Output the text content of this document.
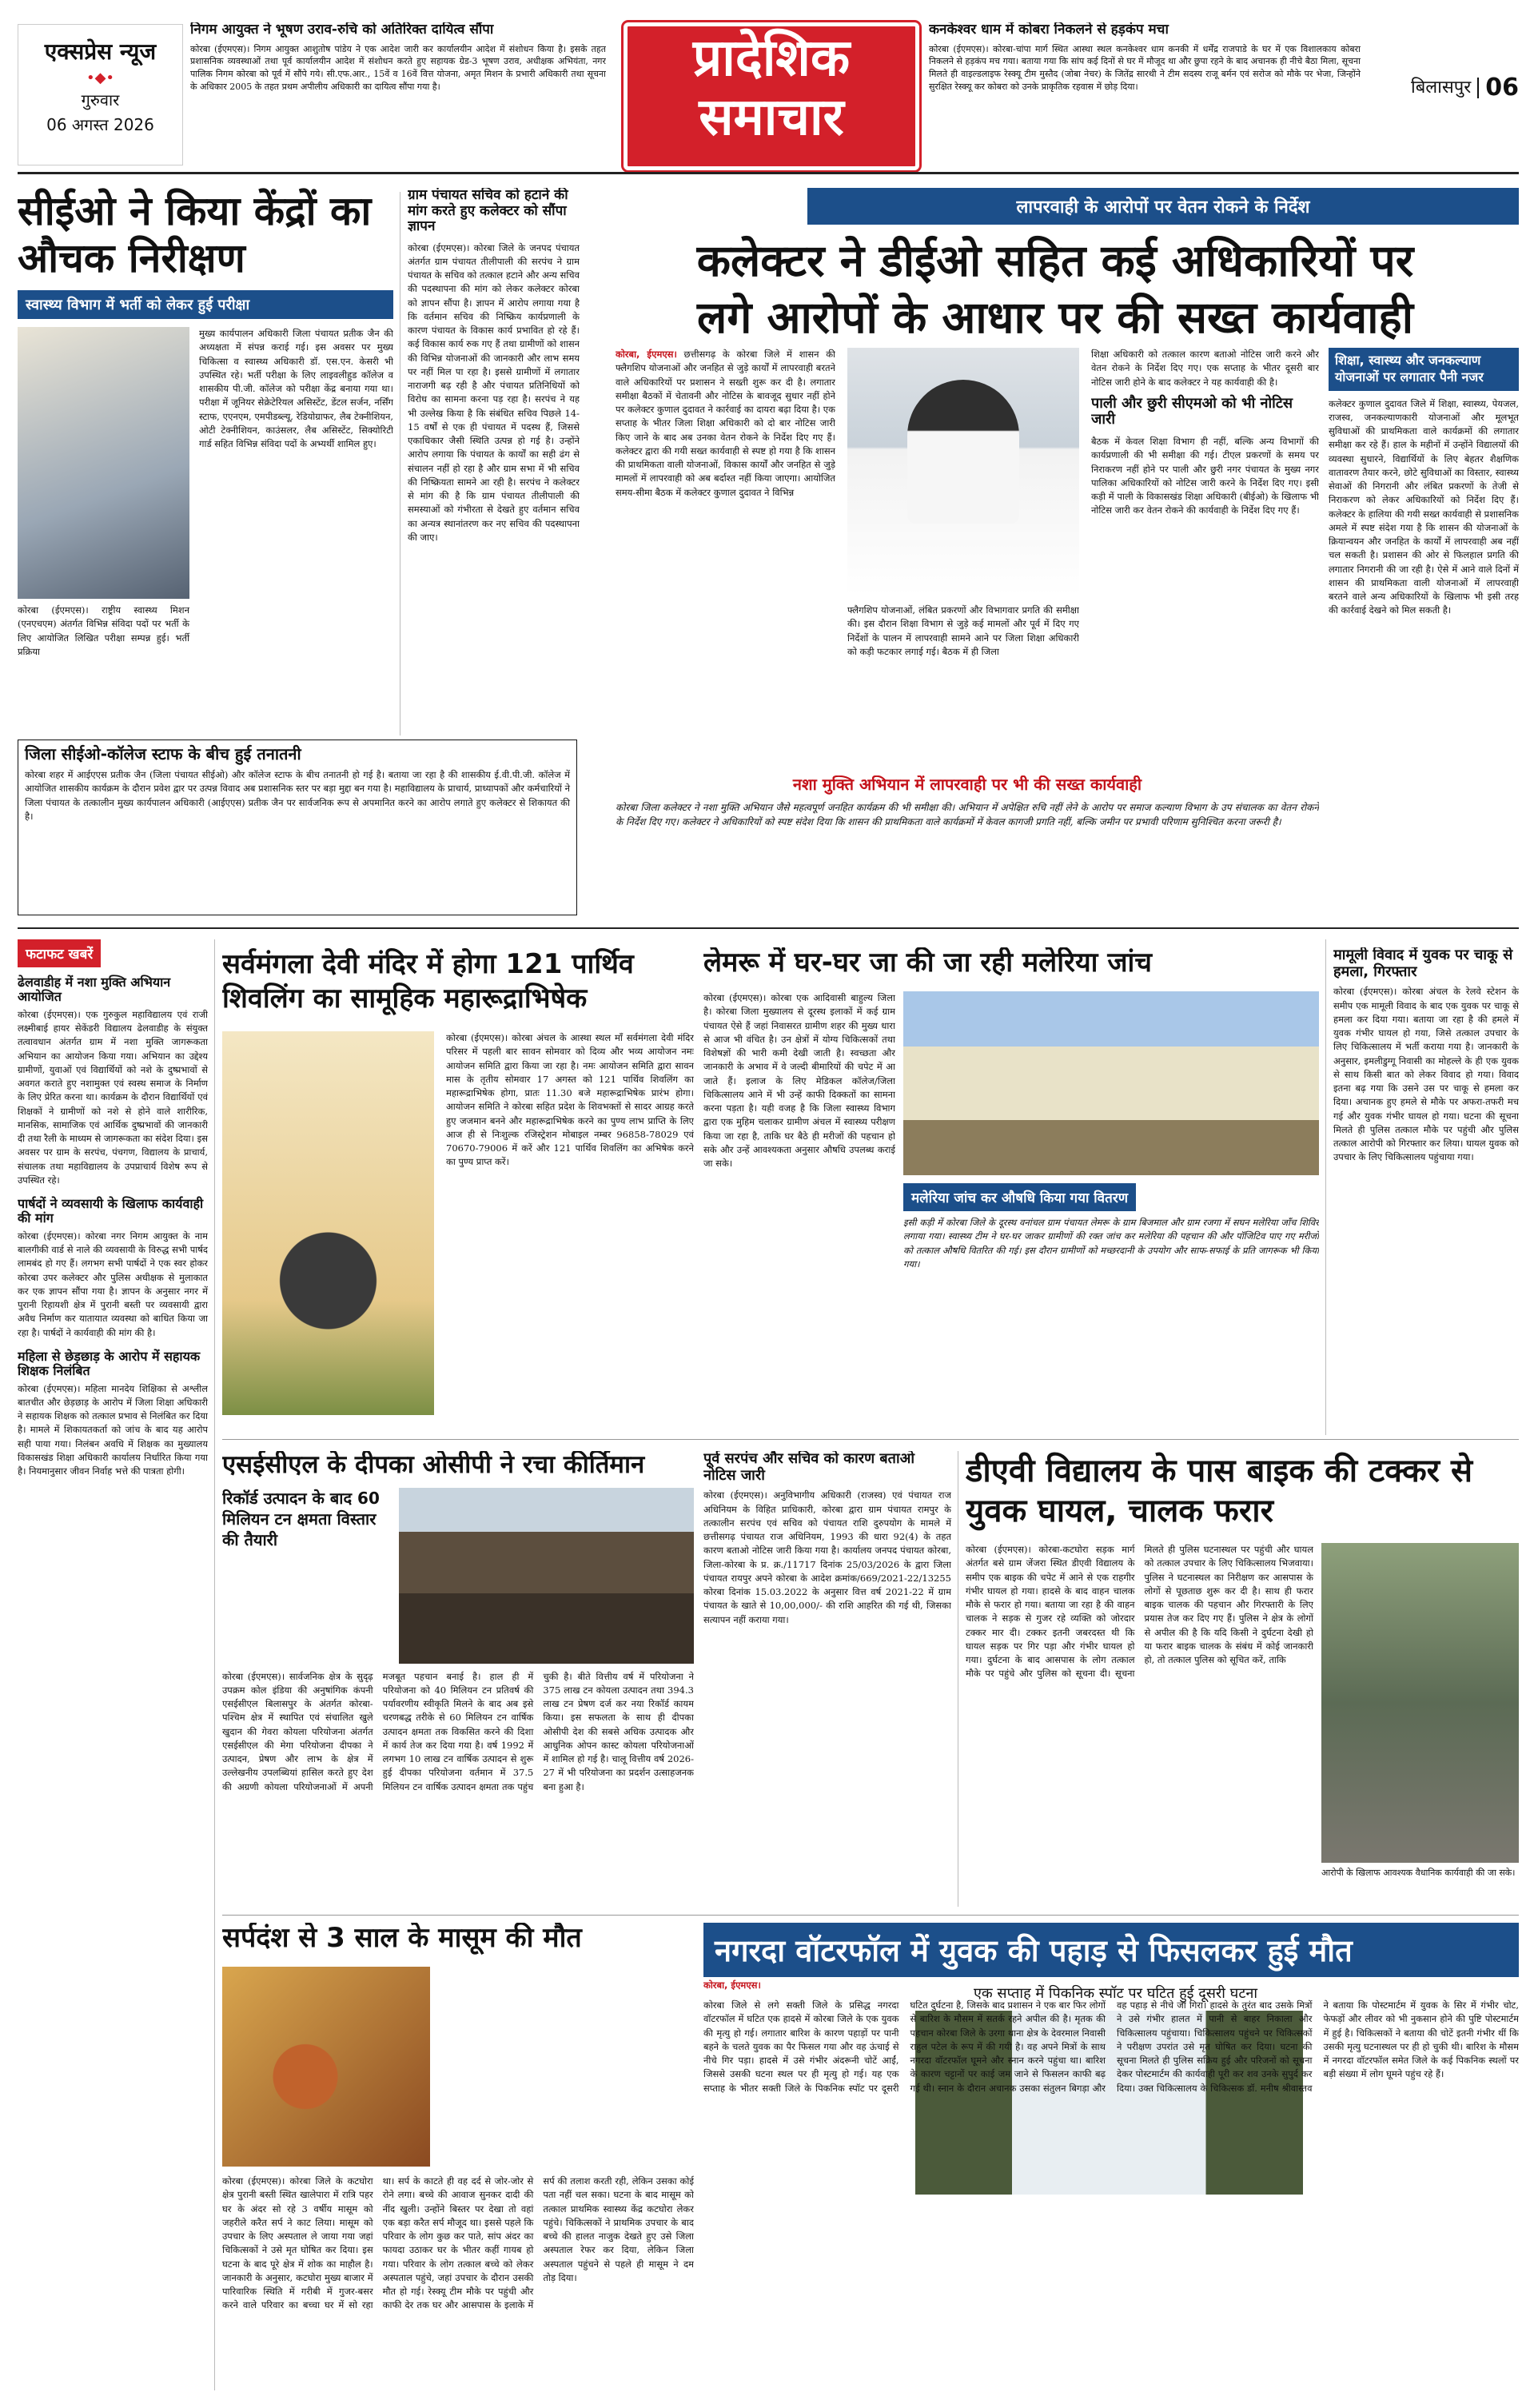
एक्सप्रेस न्यूज
•◆•
गुरुवार
06 अगस्त 2026
निगम आयुक्त ने भूषण उराव-रुचि को अतिरिक्त दायित्व सौंपा
कोरबा (ईएमएस)। निगम आयुक्त आशुतोष पांडेय ने एक आदेश जारी कर कार्यालयीन आदेश में संशोधन किया है। इसके तहत प्रशासनिक व्यवस्थाओं तथा पूर्व कार्यालयीन आदेश में संशोधन करते हुए सहायक ग्रेड-3 भूषण उराव, अधीक्षक अभियंता, नगर पालिक निगम कोरबा को पूर्व में सौंपे गये। सी.एफ.आर., 15वें व 16वें वित्त योजना, अमृत मिशन के प्रभारी अधिकारी तथा सूचना के अधिकार 2005 के तहत प्रथम अपीलीय अधिकारी का दायित्व सौंपा गया है।	प्रादेशिक
समाचार
कनकेश्वर धाम में कोबरा निकलने से हड़कंप मचा
कोरबा (ईएमएस)। कोरबा-चांपा मार्ग स्थित आस्था स्थल कनकेश्वर धाम कनकी में धर्मेंद्र राजपाडे के घर में एक विशालकाय कोबरा निकलने से हड़कंप मच गया। बताया गया कि सांप कई दिनों से घर में मौजूद था और छुपा रहने के बाद अचानक ही नीचे बैठा मिला, सूचना मिलते ही वाइल्डलाइफ रेस्क्यू टीम मुस्तैद (जोबा नेचर) के जितेंद्र सारथी ने टीम सदस्य राजू बर्मन एवं सरोज को मौके पर भेजा, जिन्होंने सुरक्षित रेस्क्यू कर कोबरा को उनके प्राकृतिक रहवास में छोड़ दिया।	बिलासपुर 06
सीईओ ने किया केंद्रों का औचक निरीक्षण
स्वास्थ्य विभाग में भर्ती को लेकर हुई परीक्षा
कोरबा (ईएमएस)। राष्ट्रीय स्वास्थ्य मिशन (एनएचएम) अंतर्गत विभिन्न संविदा पदों पर भर्ती के लिए आयोजित लिखित परीक्षा सम्पन्न हुई। भर्ती प्रक्रिया
मुख्य कार्यपालन अधिकारी जिला पंचायत प्रतीक जैन की अध्यक्षता में संपन्न कराई गई। इस अवसर पर मुख्य चिकित्सा व स्वास्थ्य अधिकारी डॉ. एस.एन. केसरी भी उपस्थित रहे। भर्ती परीक्षा के लिए लाइवलीहुड कॉलेज व शासकीय पी.जी. कॉलेज को परीक्षा केंद्र बनाया गया था। परीक्षा में जूनियर सेक्रेटेरियल असिस्टेंट, डेंटल सर्जन, नर्सिंग स्टाफ, एएनएम, एमपीडब्ल्यू, रेडियोग्राफर, लैब टेक्नीशियन, ओटी टेक्नीशियन, काउंसलर, लैब असिस्टेंट, सिक्योरिटी गार्ड सहित विभिन्न संविदा पदों के अभ्यर्थी शामिल हुए।
ग्राम पंचायत सचिव को हटाने की मांग करते हुए कलेक्टर को सौंपा ज्ञापन
कोरबा (ईएमएस)। कोरबा जिले के जनपद पंचायत अंतर्गत ग्राम पंचायत तीलीपाली की सरपंच ने ग्राम पंचायत के सचिव को तत्काल हटाने और अन्य सचिव की पदस्थापना की मांग को लेकर कलेक्टर कोरबा को ज्ञापन सौंपा है। ज्ञापन में आरोप लगाया गया है कि वर्तमान सचिव की निष्क्रिय कार्यप्रणाली के कारण पंचायत के विकास कार्य प्रभावित हो रहे हैं। कई विकास कार्य रुक गए हैं तथा ग्रामीणों को शासन की विभिन्न योजनाओं की जानकारी और लाभ समय पर नहीं मिल पा रहा है। इससे ग्रामीणों में लगातार नाराजगी बढ़ रही है और पंचायत प्रतिनिधियों को विरोध का सामना करना पड़ रहा है। सरपंच ने यह भी उल्लेख किया है कि संबंधित सचिव पिछले 14-15 वर्षों से एक ही पंचायत में पदस्थ हैं, जिससे एकाधिकार जैसी स्थिति उत्पन्न हो गई है। उन्होंने आरोप लगाया कि पंचायत के कार्यों का सही ढंग से संचालन नहीं हो रहा है और ग्राम सभा में भी सचिव की निष्क्रियता सामने आ रही है। सरपंच ने कलेक्टर से मांग की है कि ग्राम पंचायत तीलीपाली की समस्याओं को गंभीरता से देखते हुए वर्तमान सचिव का अन्यत्र स्थानांतरण कर नए सचिव की पदस्थापना की जाए।
जिला सीईओ-कॉलेज स्टाफ के बीच हुई तनातनी
कोरबा शहर में आईएएस प्रतीक जैन (जिला पंचायत सीईओ) और कॉलेज स्टाफ के बीच तनातनी हो गई है। बताया जा रहा है की शासकीय ई.वी.पी.जी. कॉलेज में आयोजित शासकीय कार्यक्रम के दौरान प्रवेश द्वार पर उत्पन्न विवाद अब प्रशासनिक स्तर पर बड़ा मुद्दा बन गया है। महाविद्यालय के प्राचार्य, प्राध्यापकों और कर्मचारियों ने जिला पंचायत के तत्कालीन मुख्य कार्यपालन अधिकारी (आईएएस) प्रतीक जैन पर सार्वजनिक रूप से अपमानित करने का आरोप लगाते हुए कलेक्टर से शिकायत की है।
लापरवाही के आरोपों पर वेतन रोकने के निर्देश
कलेक्टर ने डीईओ सहित कई अधिकारियों पर
लगे आरोपों के आधार पर की सख्त कार्यवाही
कोरबा, ईएमएस। छत्तीसगढ़ के कोरबा जिले में शासन की फ्लैगशिप योजनाओं और जनहित से जुड़े कार्यों में लापरवाही बरतने वाले अधिकारियों पर प्रशासन ने सख्ती शुरू कर दी है। लगातार समीक्षा बैठकों में चेतावनी और नोटिस के बावजूद सुधार नहीं होने पर कलेक्टर कुणाल दुदावत ने कार्रवाई का दायरा बढ़ा दिया है। एक सप्ताह के भीतर जिला शिक्षा अधिकारी को दो बार नोटिस जारी किए जाने के बाद अब उनका वेतन रोकने के निर्देश दिए गए हैं। कलेक्टर द्वारा की गयी सख्त कार्यवाही से स्पष्ट हो गया है कि शासन की प्राथमिकता वाली योजनाओं, विकास कार्यों और जनहित से जुड़े मामलों में लापरवाही को अब बर्दाश्त नहीं किया जाएगा। आयोजित समय-सीमा बैठक में कलेक्टर कुणाल दुदावत ने विभिन्न
फ्लैगशिप योजनाओं, लंबित प्रकरणों और विभागवार प्रगति की समीक्षा की। इस दौरान शिक्षा विभाग से जुड़े कई मामलों और पूर्व में दिए गए निर्देशों के पालन में लापरवाही सामने आने पर जिला शिक्षा अधिकारी को कड़ी फटकार लगाई गई। बैठक में ही जिला
शिक्षा अधिकारी को तत्काल कारण बताओ नोटिस जारी करने और वेतन रोकने के निर्देश दिए गए। एक सप्ताह के भीतर दूसरी बार नोटिस जारी होने के बाद कलेक्टर ने यह कार्यवाही की है।
पाली और छुरी सीएमओ को भी नोटिस जारी
बैठक में केवल शिक्षा विभाग ही नहीं, बल्कि अन्य विभागों की कार्यप्रणाली की भी समीक्षा की गई। टीएल प्रकरणों के समय पर निराकरण नहीं होने पर पाली और छुरी नगर पंचायत के मुख्य नगर पालिका अधिकारियों को नोटिस जारी करने के निर्देश दिए गए। इसी कड़ी में पाली के विकासखंड शिक्षा अधिकारी (बीईओ) के खिलाफ भी नोटिस जारी कर वेतन रोकने की कार्यवाही के निर्देश दिए गए हैं।
शिक्षा, स्वास्थ्य और जनकल्याण योजनाओं पर लगातार पैनी नजर
कलेक्टर कुणाल दुदावत जिले में शिक्षा, स्वास्थ्य, पेयजल, राजस्व, जनकल्याणकारी योजनाओं और मूलभूत सुविधाओं की प्राथमिकता वाले कार्यक्रमों की लगातार समीक्षा कर रहे हैं। हाल के महीनों में उन्होंने विद्यालयों की व्यवस्था सुधारने, विद्यार्थियों के लिए बेहतर शैक्षणिक वातावरण तैयार करने, छोटे सुविधाओं का विस्तार, स्वास्थ्य सेवाओं की निगरानी और लंबित प्रकरणों के तेजी से निराकरण को लेकर अधिकारियों को निर्देश दिए हैं। कलेक्टर के हालिया की गयी सख्त कार्यवाही से प्रशासनिक अमले में स्पष्ट संदेश गया है कि शासन की योजनाओं के क्रियान्वयन और जनहित के कार्यों में लापरवाही अब नहीं चल सकती है। प्रशासन की ओर से फिलहाल प्रगति की लगातार निगरानी की जा रही है। ऐसे में आने वाले दिनों में शासन की प्राथमिकता वाली योजनाओं में लापरवाही बरतने वाले अन्य अधिकारियों के खिलाफ भी इसी तरह की कार्रवाई देखने को मिल सकती है।
नशा मुक्ति अभियान में लापरवाही पर भी की सख्त कार्यवाही
कोरबा जिला कलेक्टर ने नशा मुक्ति अभियान जैसे महत्वपूर्ण जनहित कार्यक्रम की भी समीक्षा की। अभियान में अपेक्षित रुचि नहीं लेने के आरोप पर समाज कल्याण विभाग के उप संचालक का वेतन रोकने के निर्देश दिए गए। कलेक्टर ने अधिकारियों को स्पष्ट संदेश दिया कि शासन की प्राथमिकता वाले कार्यक्रमों में केवल कागजी प्रगति नहीं, बल्कि जमीन पर प्रभावी परिणाम सुनिश्चित करना जरूरी है।
फटाफट खबरें
ढेलवाडीह में नशा मुक्ति अभियान आयोजित
कोरबा (ईएमएस)। एक गुरुकुल महाविद्यालय एवं राजी लक्ष्मीबाई हायर सेकेंडरी विद्यालय ढेलवाडीह के संयुक्त तत्वावधान अंतर्गत ग्राम में नशा मुक्ति जागरूकता अभियान का आयोजन किया गया। अभियान का उद्देश्य ग्रामीणों, युवाओं एवं विद्यार्थियों को नशे के दुष्प्रभावों से अवगत कराते हुए नशामुक्त एवं स्वस्थ समाज के निर्माण के लिए प्रेरित करना था। कार्यक्रम के दौरान विद्यार्थियों एवं शिक्षकों ने ग्रामीणों को नशे से होने वाले शारीरिक, मानसिक, सामाजिक एवं आर्थिक दुष्प्रभावों की जानकारी दी तथा रैली के माध्यम से जागरूकता का संदेश दिया। इस अवसर पर ग्राम के सरपंच, पंचगण, विद्यालय के प्राचार्य, संचालक तथा महाविद्यालय के उपप्राचार्य विशेष रूप से उपस्थित रहे।
पार्षदों ने व्यवसायी के खिलाफ कार्यवाही की मांग
कोरबा (ईएमएस)। कोरबा नगर निगम आयुक्त के नाम बालगीकी वार्ड से नाले की व्यवसायी के विरुद्ध सभी पार्षद लामबंद हो गए हैं। लगभग सभी पार्षदों ने एक स्वर होकर कोरबा उपर कलेक्टर और पुलिस अधीक्षक से मुलाकात कर एक ज्ञापन सौंपा गया है। ज्ञापन के अनुसार नगर में पुरानी रिहायशी क्षेत्र में पुरानी बस्ती पर व्यवसायी द्वारा अवैध निर्माण कर यातायात व्यवस्था को बाधित किया जा रहा है। पार्षदों ने कार्यवाही की मांग की है।
महिला से छेड़छाड़ के आरोप में सहायक शिक्षक निलंबित
कोरबा (ईएमएस)। महिला मानदेय शिक्षिका से अश्लील बातचीत और छेड़छाड़ के आरोप में जिला शिक्षा अधिकारी ने सहायक शिक्षक को तत्काल प्रभाव से निलंबित कर दिया है। मामले में शिकायतकर्ता को जांच के बाद यह आरोप सही पाया गया। निलंबन अवधि में शिक्षक का मुख्यालय विकासखंड शिक्षा अधिकारी कार्यालय निर्धारित किया गया है। नियमानुसार जीवन निर्वाह भत्ते की पात्रता होगी।
सर्वमंगला देवी मंदिर में होगा 121 पार्थिव शिवलिंग का सामूहिक महारूद्राभिषेक
कोरबा (ईएमएस)। कोरबा अंचल के आस्था स्थल माँ सर्वमंगला देवी मंदिर परिसर में पहली बार सावन सोमवार को दिव्य और भव्य आयोजन नमः आयोजन समिति द्वारा किया जा रहा है। नमः आयोजन समिति द्वारा सावन मास के तृतीय सोमवार 17 अगस्त को 121 पार्थिव शिवलिंग का महारूद्राभिषेक होगा, प्रातः 11.30 बजे महारूद्राभिषेक प्रारंभ होगा। आयोजन समिति ने कोरबा सहित प्रदेश के शिवभक्तों से सादर आग्रह करते हुए जजमान बनने और महारूद्राभिषेक करने का पुण्य लाभ प्राप्ति के लिए आज ही से निःशुल्क रजिस्ट्रेशन मोबाइल नम्बर 96858-78029 एवं 70670-79006 में करें और 121 पार्थिव शिवलिंग का अभिषेक करने का पुण्य प्राप्त करें।
लेमरू में घर-घर जा की जा रही मलेरिया जांच
कोरबा (ईएमएस)। कोरबा एक आदिवासी बाहुल्य जिला है। कोरबा जिला मुख्यालय से दूरस्थ इलाकों में कई ग्राम पंचायत ऐसे हैं जहां निवासरत ग्रामीण शहर की मुख्य धारा से आज भी वंचित है। उन क्षेत्रों में योग्य चिकित्सकों तथा विशेषज्ञों की भारी कमी देखी जाती है। स्वच्छता और जानकारी के अभाव में वे जल्दी बीमारियों की चपेट में आ जाते हैं। इलाज के लिए मेडिकल कॉलेज/जिला चिकित्सालय आने में भी उन्हें काफी दिक्कतों का सामना करना पड़ता है। यही वजह है कि जिला स्वास्थ्य विभाग द्वारा एक मुहिम चलाकर ग्रामीण अंचल में स्वास्थ्य परीक्षण किया जा रहा है, ताकि घर बैठे ही मरीजों की पहचान हो सके और उन्हें आवश्यकता अनुसार औषधि उपलब्ध कराई जा सके।
मलेरिया जांच कर औषधि किया गया वितरण
इसी कड़ी में कोरबा जिले के दूरस्थ वनांचल ग्राम पंचायत लेमरू के ग्राम बिजमाल और ग्राम रजगा में सघन मलेरिया जाँच शिविर लगाया गया। स्वास्थ्य टीम ने घर-घर जाकर ग्रामीणों की रक्त जांच कर मलेरिया की पहचान की और पॉजिटिव पाए गए मरीजों को तत्काल औषधि वितरित की गई। इस दौरान ग्रामीणों को मच्छरदानी के उपयोग और साफ-सफाई के प्रति जागरूक भी किया गया।
मामूली विवाद में युवक पर चाकू से हमला, गिरफ्तार
कोरबा (ईएमएस)। कोरबा अंचल के रेलवे स्टेशन के समीप एक मामूली विवाद के बाद एक युवक पर चाकू से हमला कर दिया गया। बताया जा रहा है की हमले में युवक गंभीर घायल हो गया, जिसे तत्काल उपचार के लिए चिकित्सालय में भर्ती कराया गया है। जानकारी के अनुसार, इमलीडुग्गू निवासी का मोहल्ले के ही एक युवक से साथ किसी बात को लेकर विवाद हो गया। विवाद इतना बढ़ गया कि उसने उस पर चाकू से हमला कर दिया। अचानक हुए हमले से मौके पर अफरा-तफरी मच गई और युवक गंभीर घायल हो गया। घटना की सूचना मिलते ही पुलिस तत्काल मौके पर पहुंची और पुलिस तत्काल आरोपी को गिरफ्तार कर लिया। घायल युवक को उपचार के लिए चिकित्सालय पहुंचाया गया।
एसईसीएल के दीपका ओसीपी ने रचा कीर्तिमान
रिकॉर्ड उत्पादन के बाद 60 मिलियन टन क्षमता विस्तार की तैयारी
कोरबा (ईएमएस)। सार्वजनिक क्षेत्र के सुदृढ़ उपक्रम कोल इंडिया की अनुषांगिक कंपनी एसईसीएल बिलासपुर के अंतर्गत कोरबा-पश्चिम क्षेत्र में स्थापित एवं संचालित खुले खुदान की गेवरा कोयला परियोजना अंतर्गत एसईसीएल की मेगा परियोजना दीपका ने उत्पादन, प्रेषण और लाभ के क्षेत्र में उल्लेखनीय उपलब्धियां हासिल करते हुए देश की अग्रणी कोयला परियोजनाओं में अपनी मजबूत पहचान बनाई है। हाल ही में परियोजना को 40 मिलियन टन प्रतिवर्ष की पर्यावरणीय स्वीकृति मिलने के बाद अब इसे चरणबद्ध तरीके से 60 मिलियन टन वार्षिक उत्पादन क्षमता तक विकसित करने की दिशा में कार्य तेज कर दिया गया है। वर्ष 1992 में लगभग 10 लाख टन वार्षिक उत्पादन से शुरू हुई दीपका परियोजना वर्तमान में 37.5 मिलियन टन वार्षिक उत्पादन क्षमता तक पहुंच चुकी है। बीते वित्तीय वर्ष में परियोजना ने 375 लाख टन कोयला उत्पादन तथा 394.3 लाख टन प्रेषण दर्ज कर नया रिकॉर्ड कायम किया। इस सफलता के साथ ही दीपका ओसीपी देश की सबसे अधिक उत्पादक और आधुनिक ओपन कास्ट कोयला परियोजनाओं में शामिल हो गई है। चालू वित्तीय वर्ष 2026-27 में भी परियोजना का प्रदर्शन उत्साहजनक बना हुआ है।
पूर्व सरपंच और सचिव को कारण बताओ नोटिस जारी
कोरबा (ईएमएस)। अनुविभागीय अधिकारी (राजस्व) एवं पंचायत राज अधिनियम के विहित प्राधिकारी, कोरबा द्वारा ग्राम पंचायत रामपुर के तत्कालीन सरपंच एवं सचिव को पंचायत राशि दुरुपयोग के मामले में छत्तीसगढ़ पंचायत राज अधिनियम, 1993 की धारा 92(4) के तहत कारण बताओ नोटिस जारी किया गया है। कार्यालय जनपद पंचायत कोरबा, जिला-कोरबा के प्र. क्र./11717 दिनांक 25/03/2026 के द्वारा जिला पंचायत रायपुर अपने कोरबा के आदेश क्रमांक/669/2021-22/13255 कोरबा दिनांक 15.03.2022 के अनुसार वित्त वर्ष 2021-22 में ग्राम पंचायत के खाते से 10,00,000/- की राशि आहरित की गई थी, जिसका सत्यापन नहीं कराया गया।
डीएवी विद्यालय के पास बाइक की टक्कर से युवक घायल, चालक फरार
कोरबा (ईएमएस)। कोरबा-कटघोरा सड़क मार्ग अंतर्गत बसे ग्राम जेंजरा स्थित डीएवी विद्यालय के समीप एक बाइक की चपेट में आने से एक राहगीर गंभीर घायल हो गया। हादसे के बाद वाहन चालक मौके से फरार हो गया। बताया जा रहा है की वाहन चालक ने सड़क से गुजर रहे व्यक्ति को जोरदार टक्कर मार दी। टक्कर इतनी जबरदस्त थी कि घायल सड़क पर गिर पड़ा और गंभीर घायल हो गया। दुर्घटना के बाद आसपास के लोग तत्काल मौके पर पहुंचे और पुलिस को सूचना दी। सूचना मिलते ही पुलिस घटनास्थल पर पहुंची और घायल को तत्काल उपचार के लिए चिकित्सालय भिजवाया। पुलिस ने घटनास्थल का निरीक्षण कर आसपास के लोगों से पूछताछ शुरू कर दी है। साथ ही फरार बाइक चालक की पहचान और गिरफ्तारी के लिए प्रयास तेज कर दिए गए हैं। पुलिस ने क्षेत्र के लोगों से अपील की है कि यदि किसी ने दुर्घटना देखी हो या फरार बाइक चालक के संबंध में कोई जानकारी हो, तो तत्काल पुलिस को सूचित करें, ताकि
आरोपी के खिलाफ आवश्यक वैधानिक कार्यवाही की जा सके।
सर्पदंश से 3 साल के मासूम की मौत
कोरबा (ईएमएस)। कोरबा जिले के कटघोरा क्षेत्र पुरानी बस्ती स्थित खालेपारा में रात्रि पहर घर के अंदर सो रहे 3 वर्षीय मासूम को जहरीले करैत सर्प ने काट लिया। मासूम को उपचार के लिए अस्पताल ले जाया गया जहां चिकित्सकों ने उसे मृत घोषित कर दिया। इस घटना के बाद पूरे क्षेत्र में शोक का माहौल है। जानकारी के अनुसार, कटघोरा मुख्य बाजार में पारिवारिक स्थिति में गरीबी में गुजर-बसर करने वाले परिवार का बच्चा घर में सो रहा था। सर्प के काटते ही वह दर्द से जोर-जोर से रोने लगा। बच्चे की आवाज सुनकर दादी की नींद खुली। उन्होंने बिस्तर पर देखा तो वहां एक बड़ा करैत सर्प मौजूद था। इससे पहले कि परिवार के लोग कुछ कर पाते, सांप अंदर का फायदा उठाकर घर के भीतर कहीं गायब हो गया। परिवार के लोग तत्काल बच्चे को लेकर अस्पताल पहुंचे, जहां उपचार के दौरान उसकी मौत हो गई। रेस्क्यू टीम मौके पर पहुंची और काफी देर तक घर और आसपास के इलाके में सर्प की तलाश करती रही, लेकिन उसका कोई पता नहीं चल सका। घटना के बाद मासूम को तत्काल प्राथमिक स्वास्थ्य केंद्र कटघोरा लेकर पहुंचे। चिकित्सकों ने प्राथमिक उपचार के बाद बच्चे की हालत नाजुक देखते हुए उसे जिला अस्पताल रेफर कर दिया, लेकिन जिला अस्पताल पहुंचने से पहले ही मासूम ने दम तोड़ दिया।
नगरदा वॉटरफॉल में युवक की पहाड़ से फिसलकर हुई मौत
कोरबा, ईएमएस।	एक सप्ताह में पिकनिक स्पॉट पर घटित हुई दूसरी घटना
कोरबा जिले से लगे सक्ती जिले के प्रसिद्ध नगरदा वॉटरफॉल में घटित एक हादसे में कोरबा जिले के एक युवक की मृत्यु हो गई। लगातार बारिश के कारण पहाड़ों पर पानी बहने के चलते युवक का पैर फिसल गया और वह ऊंचाई से नीचे गिर पड़ा। हादसे में उसे गंभीर अंदरूनी चोटें आईं, जिससे उसकी घटना स्थल पर ही मृत्यु हो गई। यह एक सप्ताह के भीतर सक्ती जिले के पिकनिक स्पॉट पर दूसरी घटित दुर्घटना है, जिसके बाद प्रशासन ने एक बार फिर लोगों से बारिश के मौसम में सतर्क रहने अपील की है। मृतक की पहचान कोरबा जिले के उरगा थाना क्षेत्र के देवरमाल निवासी राहुल पटेल के रूप में की गयी है। वह अपने मित्रों के साथ नगरदा वॉटरफॉल घूमने और स्नान करने पहुंचा था। बारिश के कारण चट्टानों पर काई जम जाने से फिसलन काफी बढ़ गई थी। स्नान के दौरान अचानक उसका संतुलन बिगड़ा और वह पहाड़ से नीचे जा गिरा। हादसे के तुरंत बाद उसके मित्रों ने उसे गंभीर हालत में पानी से बाहर निकाला और चिकित्सालय पहुंचाया। चिकित्सालय पहुंचने पर चिकित्सकों ने परीक्षण उपरांत उसे मृत घोषित कर दिया। घटना की सूचना मिलते ही पुलिस सक्रिय हुई और परिजनों को सूचना देकर पोस्टमार्टम की कार्यवाही पूरी कर शव उनके सुपुर्द कर दिया। उक्त चिकित्सालय के चिकित्सक डॉ. मनीष श्रीवास्तव ने बताया कि पोस्टमार्टम में युवक के सिर में गंभीर चोट, फेफड़ों और लीवर को भी नुकसान होने की पुष्टि पोस्टमार्टम में हुई है। चिकित्सकों ने बताया की चोटें इतनी गंभीर थीं कि उसकी मृत्यु घटनास्थल पर ही हो चुकी थी। बारिश के मौसम में नगरदा वॉटरफॉल समेत जिले के कई पिकनिक स्थलों पर बड़ी संख्या में लोग घूमने पहुंच रहे हैं।
